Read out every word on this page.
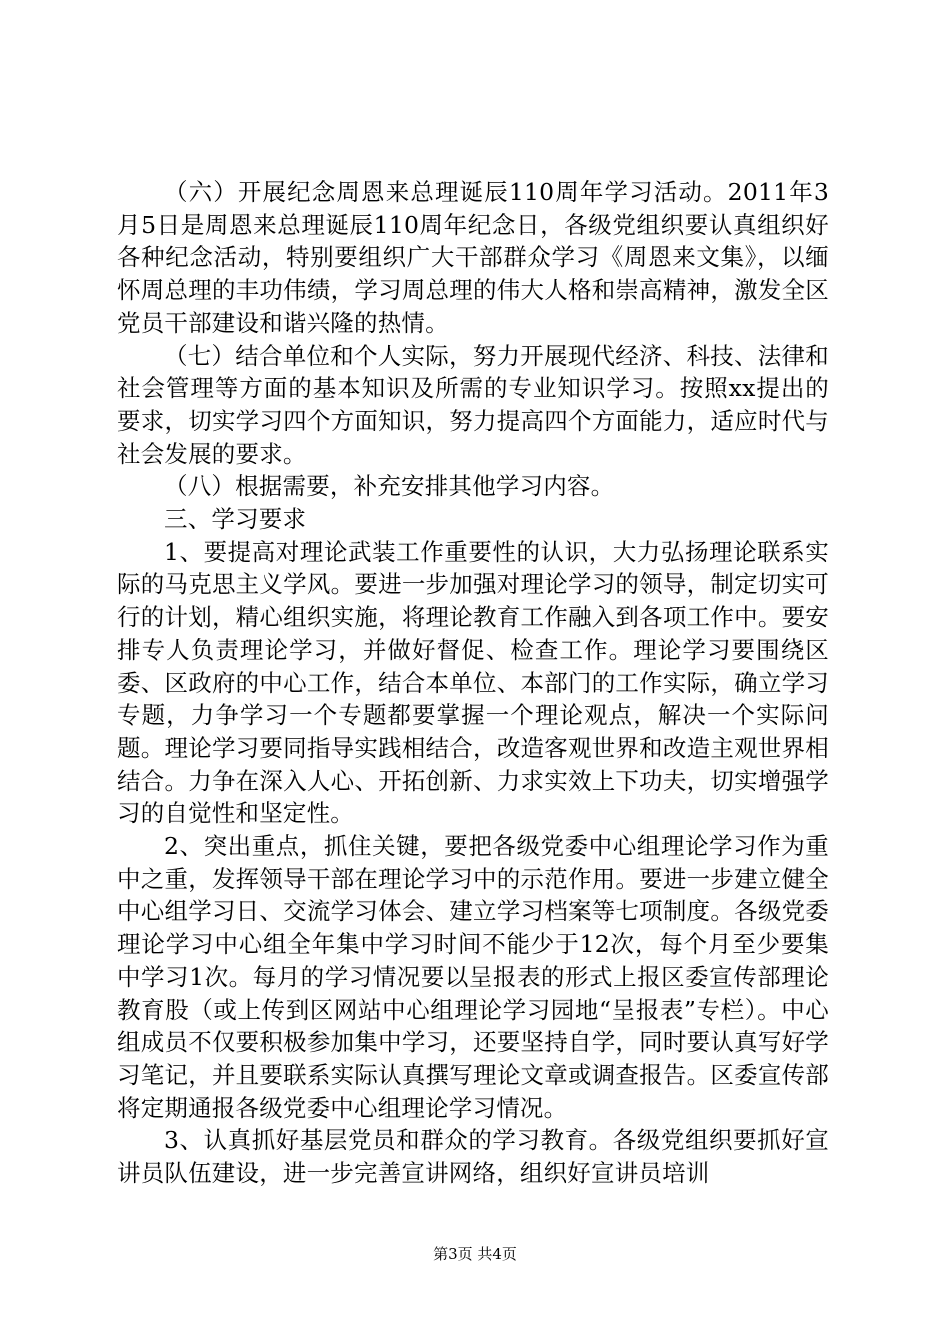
（六）开展纪念周恩来总理诞辰110周年学习活动。2011年3月5日是周恩来总理诞辰110周年纪念日，各级党组织要认真组织好各种纪念活动，特别要组织广大干部群众学习《周恩来文集》，以缅怀周总理的丰功伟绩，学习周总理的伟大人格和崇高精神，激发全区党员干部建设和谐兴隆的热情。

（七）结合单位和个人实际，努力开展现代经济、科技、法律和社会管理等方面的基本知识及所需的专业知识学习。按照xx提出的要求，切实学习四个方面知识，努力提高四个方面能力，适应时代与社会发展的要求。

（八）根据需要，补充安排其他学习内容。

三、学习要求

1、要提高对理论武装工作重要性的认识，大力弘扬理论联系实际的马克思主义学风。要进一步加强对理论学习的领导，制定切实可行的计划，精心组织实施，将理论教育工作融入到各项工作中。要安排专人负责理论学习，并做好督促、检查工作。理论学习要围绕区委、区政府的中心工作，结合本单位、本部门的工作实际，确立学习专题，力争学习一个专题都要掌握一个理论观点，解决一个实际问题。理论学习要同指导实践相结合，改造客观世界和改造主观世界相结合。力争在深入人心、开拓创新、力求实效上下功夫，切实增强学习的自觉性和坚定性。

2、突出重点，抓住关键，要把各级党委中心组理论学习作为重中之重，发挥领导干部在理论学习中的示范作用。要进一步建立健全中心组学习日、交流学习体会、建立学习档案等七项制度。各级党委理论学习中心组全年集中学习时间不能少于12次，每个月至少要集中学习1次。每月的学习情况要以呈报表的形式上报区委宣传部理论教育股（或上传到区网站中心组理论学习园地“呈报表”专栏）。中心组成员不仅要积极参加集中学习，还要坚持自学，同时要认真写好学习笔记，并且要联系实际认真撰写理论文章或调查报告。区委宣传部将定期通报各级党委中心组理论学习情况。

3、认真抓好基层党员和群众的学习教育。各级党组织要抓好宣讲员队伍建设，进一步完善宣讲网络，组织好宣讲员培训

第3页 共4页
